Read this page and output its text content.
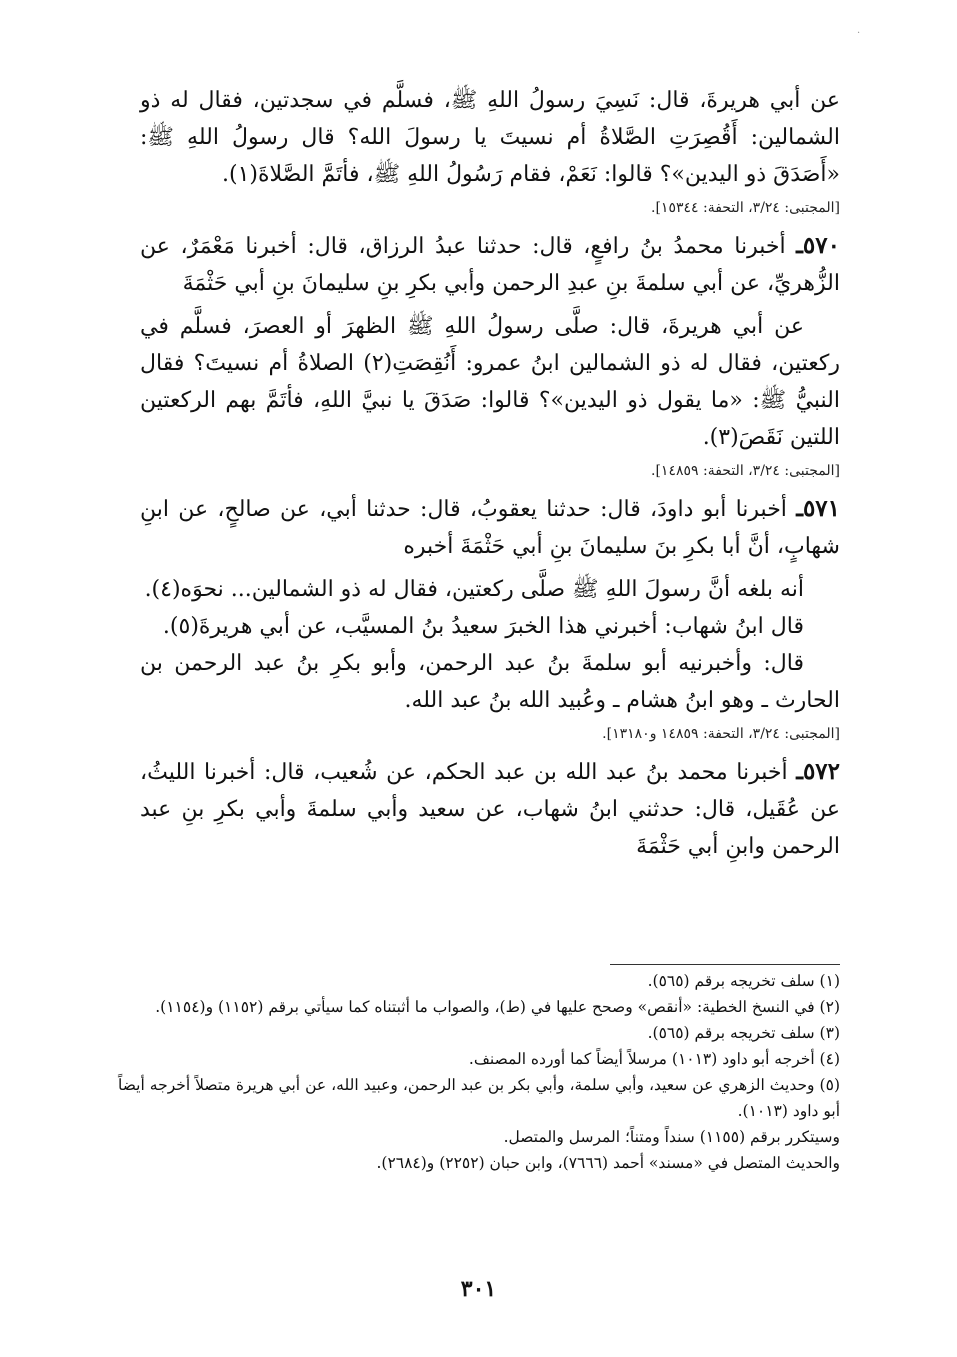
·

عن أبي هريرةَ، قال: نَسِيَ رسولُ اللهِ ﷺ، فسلَّم في سجدتين، فقال له ذو الشمالين: أَقُصِرَتِ الصَّلاةُ أم نسيتَ يا رسولَ الله؟ قال رسولُ اللهِ ﷺ: «أَصَدَقَ ذو اليدين»؟ قالوا: نَعَمْ، فقام رَسُولُ اللهِ ﷺ، فأتَمَّ الصَّلاةَ(١).

[المجتبى: ٣/٢٤، التحفة: ١٥٣٤٤].

٥٧٠ـ أخبرنا محمدُ بنُ رافعٍ، قال: حدثنا عبدُ الرزاق، قال: أخبرنا مَعْمَرٌ، عن الزُّهريِّ، عن أبي سلمةَ بنِ عبدِ الرحمن وأبي بكرِ بنِ سليمانَ بنِ أبي حَثْمَةَ

عن أبي هريرةَ، قال: صلَّى رسولُ اللهِ ﷺ الظهرَ أو العصرَ، فسلَّم في ركعتين، فقال له ذو الشمالين ابنُ عمرو: أَنُقِصَتِ(٢) الصلاةُ أم نسيتَ؟ فقال النبيُّ ﷺ: «ما يقول ذو اليدين»؟ قالوا: صَدَقَ يا نبيَّ اللهِ، فأتَمَّ بهم الركعتين اللتين نَقَصَ(٣).

[المجتبى: ٣/٢٤، التحفة: ١٤٨٥٩].

٥٧١ـ أخبرنا أبو داودَ، قال: حدثنا يعقوبُ، قال: حدثنا أبي، عن صالحٍ، عن ابنِ شهابٍ، أنَّ أبا بكرِ بنَ سليمانَ بنِ أبي حَثْمَةَ أخبره

أنه بلغه أنَّ رسولَ اللهِ ﷺ صلَّى ركعتين، فقال له ذو الشمالين... نحوَه(٤).

قال ابنُ شهاب: أخبرني هذا الخبرَ سعيدُ بنُ المسيَّب، عن أبي هريرةَ(٥).

قال: وأخبرنيه أبو سلمةَ بنُ عبد الرحمن، وأبو بكرِ بنُ عبد الرحمن بن الحارث ـ وهو ابنُ هشام ـ وعُبيد الله بنُ عبد الله.

[المجتبى: ٣/٢٤، التحفة: ١٤٨٥٩ و١٣١٨٠].

٥٧٢ـ أخبرنا محمد بنُ عبد الله بن عبد الحكم، عن شُعيب، قال: أخبرنا الليثُ، عن عُقَيل، قال: حدثني ابنُ شهاب، عن سعيد وأبي سلمةَ وأبي بكرِ بنِ عبد الرحمن وابنِ أبي حَثْمَةَ

(١) سلف تخريجه برقم (٥٦٥).

(٢) في النسخ الخطية: «أنقص» وصحح عليها في (ط)، والصواب ما أثبتناه كما سيأتي برقم (١١٥٢) و(١١٥٤).

(٣) سلف تخريجه برقم (٥٦٥).

(٤) أخرجه أبو داود (١٠١٣) مرسلاً أيضاً كما أورده المصنف.

(٥) وحديث الزهري عن سعيد، وأبي سلمة، وأبي بكر بن عبد الرحمن، وعبيد الله، عن أبي هريرة متصلاً أخرجه أيضاً أبو داود (١٠١٣).

وسيتكرر برقم (١١٥٥) سنداً ومتناً؛ المرسل والمتصل.

والحديث المتصل في «مسند» أحمد (٧٦٦٦)، وابن حبان (٢٢٥٢) و(٢٦٨٤).

٣٠١
